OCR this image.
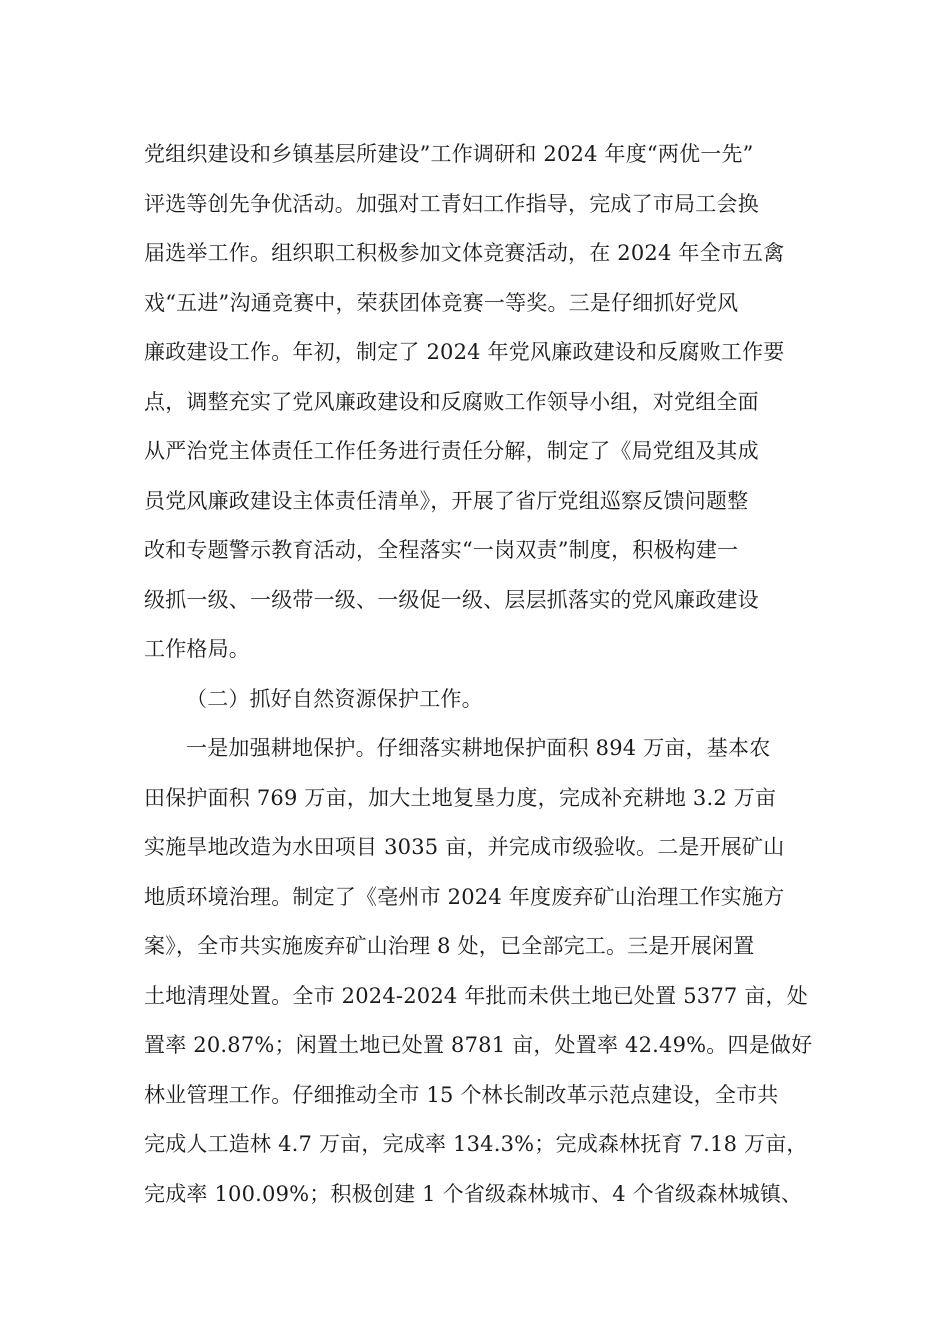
党组织建设和乡镇基层所建设”工作调研和 2024 年度“两优一先”
评选等创先争优活动。加强对工青妇工作指导，完成了市局工会换
届选举工作。组织职工积极参加文体竞赛活动，在 2024 年全市五禽
戏“五进”沟通竞赛中，荣获团体竞赛一等奖。三是仔细抓好党风
廉政建设工作。年初，制定了 2024 年党风廉政建设和反腐败工作要
点，调整充实了党风廉政建设和反腐败工作领导小组，对党组全面
从严治党主体责任工作任务进行责任分解，制定了《局党组及其成
员党风廉政建设主体责任清单》，开展了省厅党组巡察反馈问题整
改和专题警示教育活动，全程落实“一岗双责”制度，积极构建一
级抓一级、一级带一级、一级促一级、层层抓落实的党风廉政建设
工作格局。
（二）抓好自然资源保护工作。
一是加强耕地保护。仔细落实耕地保护面积 894 万亩，基本农
田保护面积 769 万亩，加大土地复垦力度，完成补充耕地 3.2 万亩
实施旱地改造为水田项目 3035 亩，并完成市级验收。二是开展矿山
地质环境治理。制定了《亳州市 2024 年度废弃矿山治理工作实施方
案》，全市共实施废弃矿山治理 8 处，已全部完工。三是开展闲置
土地清理处置。全市 2024-2024 年批而未供土地已处置 5377 亩，处
置率 20.87%；闲置土地已处置 8781 亩，处置率 42.49%。四是做好
林业管理工作。仔细推动全市 15 个林长制改革示范点建设，全市共
完成人工造林 4.7 万亩，完成率 134.3%；完成森林抚育 7.18 万亩，
完成率 100.09%；积极创建 1 个省级森林城市、4 个省级森林城镇、
